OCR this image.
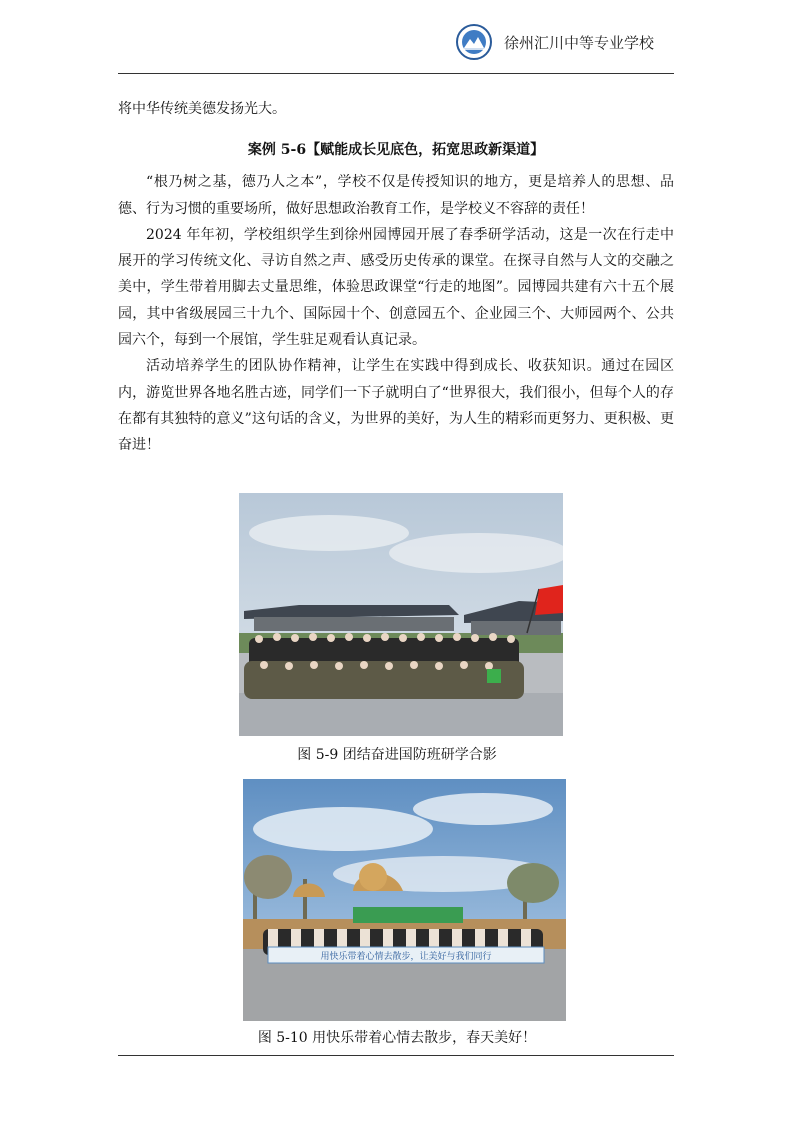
徐州汇川中等专业学校

将中华传统美德发扬光大。

案例 5-6【赋能成长见底色，拓宽思政新渠道】

“根乃树之基，德乃人之本”，学校不仅是传授知识的地方，更是培养人的思想、品德、行为习惯的重要场所，做好思想政治教育工作，是学校义不容辞的责任！

2024 年年初，学校组织学生到徐州园博园开展了春季研学活动，这是一次在行走中展开的学习传统文化、寻访自然之声、感受历史传承的课堂。在探寻自然与人文的交融之美中，学生带着用脚去丈量思维，体验思政课堂“行走的地图”。园博园共建有六十五个展园，其中省级展园三十九个、国际园十个、创意园五个、企业园三个、大师园两个、公共园六个，每到一个展馆，学生驻足观看认真记录。

活动培养学生的团队协作精神，让学生在实践中得到成长、收获知识。通过在园区内，游览世界各地名胜古迹，同学们一下子就明白了“世界很大，我们很小，但每个人的存在都有其独特的意义”这句话的含义，为世界的美好，为人生的精彩而更努力、更积极、更奋进！

图 5-9 团结奋进国防班研学合影
用快乐带着心情去散步，让美好与我们同行
图 5-10 用快乐带着心情去散步，春天美好！
